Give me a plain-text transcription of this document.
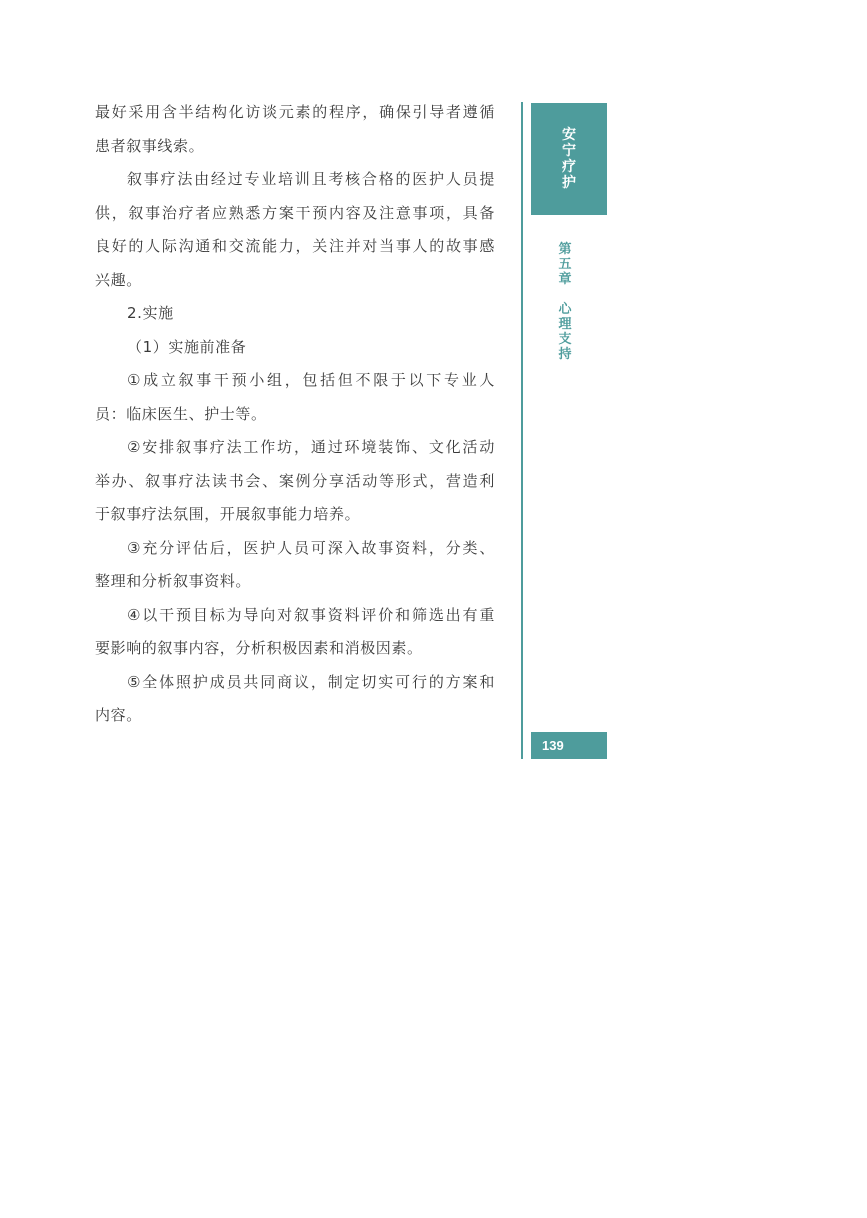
最好采用含半结构化访谈元素的程序，确保引导者遵循
患者叙事线索。
叙事疗法由经过专业培训且考核合格的医护人员提
供，叙事治疗者应熟悉方案干预内容及注意事项，具备
良好的人际沟通和交流能力，关注并对当事人的故事感
兴趣。
2.实施
（1）实施前准备
①成立叙事干预小组，包括但不限于以下专业人
员：临床医生、护士等。
②安排叙事疗法工作坊，通过环境装饰、文化活动
举办、叙事疗法读书会、案例分享活动等形式，营造利
于叙事疗法氛围，开展叙事能力培养。
③充分评估后，医护人员可深入故事资料，分类、
整理和分析叙事资料。
④以干预目标为导向对叙事资料评价和筛选出有重
要影响的叙事内容，分析积极因素和消极因素。
⑤全体照护成员共同商议，制定切实可行的方案和
内容。
安
宁
疗
护
第
五
章
心
理
支
持
139
